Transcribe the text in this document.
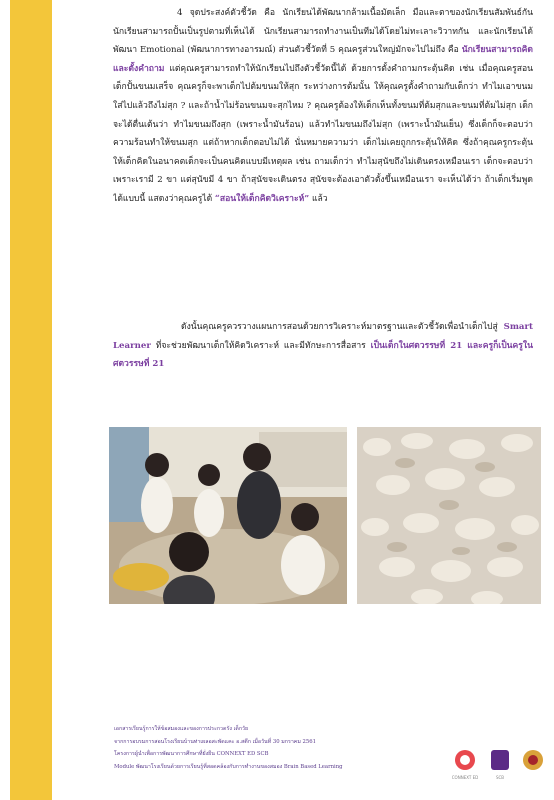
4 จุดประสงค์ตัวชี้วัด คือ นักเรียนได้พัฒนากล้ามเนื้อมัดเล็ก มือและตาของนักเรียนสัมพันธ์กัน นักเรียนสามารถปั้นเป็นรูปตามที่เห็นได้ นักเรียนสามารถทำงานเป็นทีมได้โดยไม่ทะเลาะวิวาทกัน และนักเรียนได้พัฒนา Emotional (พัฒนาการทางอารมณ์) ส่วนตัวชี้วัดที่ 5 คุณครูส่วนใหญ่มักจะไปไม่ถึง คือ นักเรียนสามารถคิดและตั้งคำถาม แต่คุณครูสามารถทำให้นักเรียนไปถึงตัวชี้วัดนี้ได้ ด้วยการตั้งคำถามกระตุ้นคิด เช่น เมื่อคุณครูสอนเด็กปั้นขนมเสร็จ คุณครูก็จะพาเด็กไปต้มขนมให้สุก ระหว่างการต้มนั้น ให้คุณครูตั้งคำถามกับเด็กว่า ทำไมเอาขนมใส่ไปแล้วถึงไม่สุก ? และถ้าน้ำไม่ร้อนขนมจะสุกไหม ? คุณครูต้องให้เด็กเห็นทั้งขนมที่ต้มสุกและขนมที่ต้มไม่สุก เด็กจะได้ตื่นเต้นว่า ทำไมขนมถึงสุก (เพราะน้ำมันร้อน) แล้วทำไมขนมถึงไม่สุก (เพราะน้ำมันเย็น) ซึ่งเด็กก็จะตอบว่า ความร้อนทำให้ขนมสุก แต่ถ้าหากเด็กตอบไม่ได้ นั่นหมายความว่า เด็กไม่เคยถูกกระตุ้นให้คิด ซึ่งถ้าคุณครูกระตุ้นให้เด็กคิดในอนาคตเด็กจะเป็นคนคิดแบบมีเหตุผล เช่น ถามเด็กว่า ทำไมสุนัขถึงไม่เดินตรงเหมือนเรา เด็กจะตอบว่า เพราะเรามี 2 ขา แต่สุนัขมี 4 ขา ถ้าสุนัขจะเดินตรง สุนัขจะต้องเอาตัวตั้งขึ้นเหมือนเรา จะเห็นได้ว่า ถ้าเด็กเริ่มพูดได้แบบนี้ แสดงว่าคุณครูได้ “สอนให้เด็กคิดวิเคราะห์” แล้ว
ดังนั้นคุณครูควรวางแผนการสอนด้วยการวิเคราะห์มาตรฐานและตัวชี้วัดเพื่อนำเด็กไปสู่ Smart Learner ที่จะช่วยพัฒนาเด็กให้คิดวิเคราะห์ และมีทักษะการสื่อสาร เป็นเด็กในศตวรรษที่ 21 และครูก็เป็นครูในศตวรรษที่ 21
เอกสารเรียนรู้การให้ข้อสมองและของการประกวดรัง เด็กวัย
จากการอบรมการสอนโรงเรียนบ้านท่าเผลอสะพัดแคะ อ.สตึก เมื่อวันที่ 30 มกราคม 2561
โครงการผู้นำเพื่อการพัฒนาการศึกษาที่ยั่งยืน CONNEXT ED SCB
Module พัฒนาโรงเรียนด้วยการเรียนรู้ที่สอดคล้องกับการทำงานของสมอง Brain Based Learning
CONNEXT ED	SCB
